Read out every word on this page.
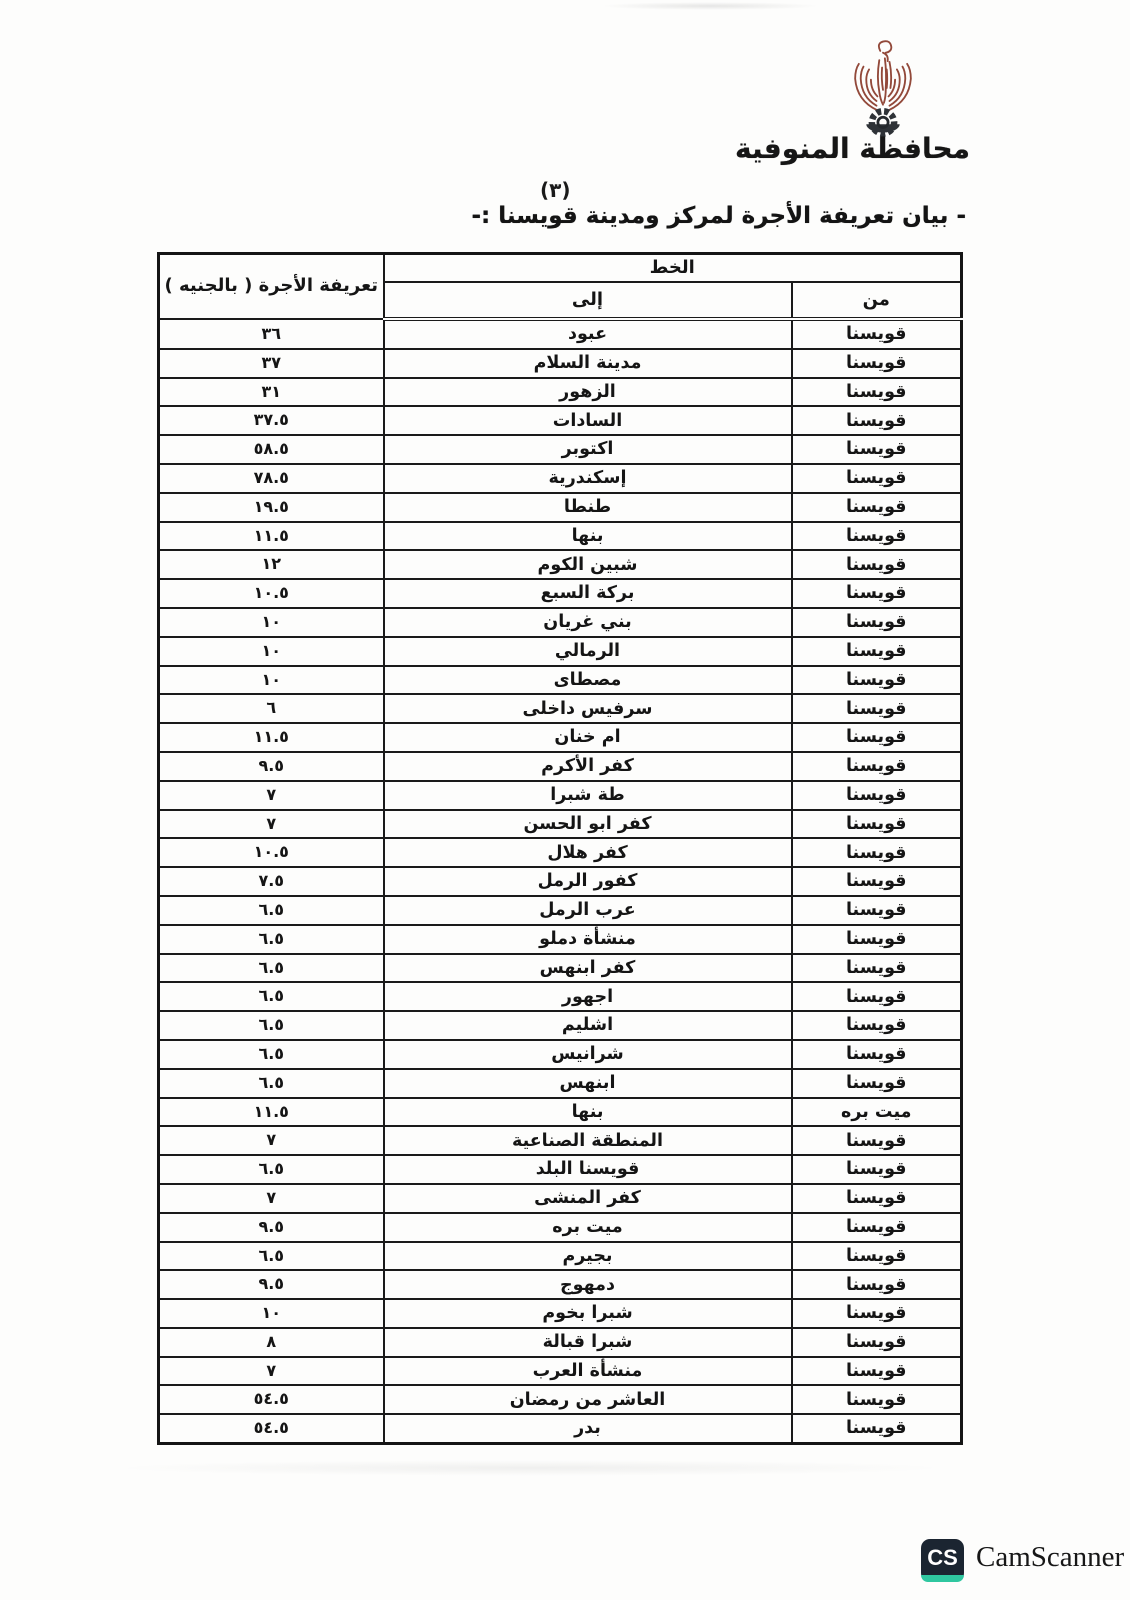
محافظة المنوفية
(٣)
- بيان تعريفة الأجرة لمركز ومدينة قويسنا :-
الخط		تعريفة الأجرة ( بالجنيه )
من	إلى	
قويسنا	عبود	٣٦
قويسنا	مدينة السلام	٣٧
قويسنا	الزهور	٣١
قويسنا	السادات	٣٧.٥
قويسنا	اكتوبر	٥٨.٥
قويسنا	إسكندرية	٧٨.٥
قويسنا	طنطا	١٩.٥
قويسنا	بنها	١١.٥
قويسنا	شبين الكوم	١٢
قويسنا	بركة السبع	١٠.٥
قويسنا	بني غريان	١٠
قويسنا	الرمالي	١٠
قويسنا	مصطاى	١٠
قويسنا	سرفيس داخلى	٦
قويسنا	ام خنان	١١.٥
قويسنا	كفر الأكرم	٩.٥
قويسنا	طة شبرا	٧
قويسنا	كفر ابو الحسن	٧
قويسنا	كفر هلال	١٠.٥
قويسنا	كفور الرمل	٧.٥
قويسنا	عرب الرمل	٦.٥
قويسنا	منشأة دملو	٦.٥
قويسنا	كفر ابنهس	٦.٥
قويسنا	اجهور	٦.٥
قويسنا	اشليم	٦.٥
قويسنا	شرانيس	٦.٥
قويسنا	ابنهس	٦.٥
ميت بره	بنها	١١.٥
قويسنا	المنطقة الصناعية	٧
قويسنا	قويسنا البلد	٦.٥
قويسنا	كفر المنشى	٧
قويسنا	ميت بره	٩.٥
قويسنا	بجيرم	٦.٥
قويسنا	دمهوج	٩.٥
قويسنا	شبرا بخوم	١٠
قويسنا	شبرا قبالة	٨
قويسنا	منشأة العرب	٧
قويسنا	العاشر من رمضان	٥٤.٥
قويسنا	بدر	٥٤.٥
CS CamScanner
